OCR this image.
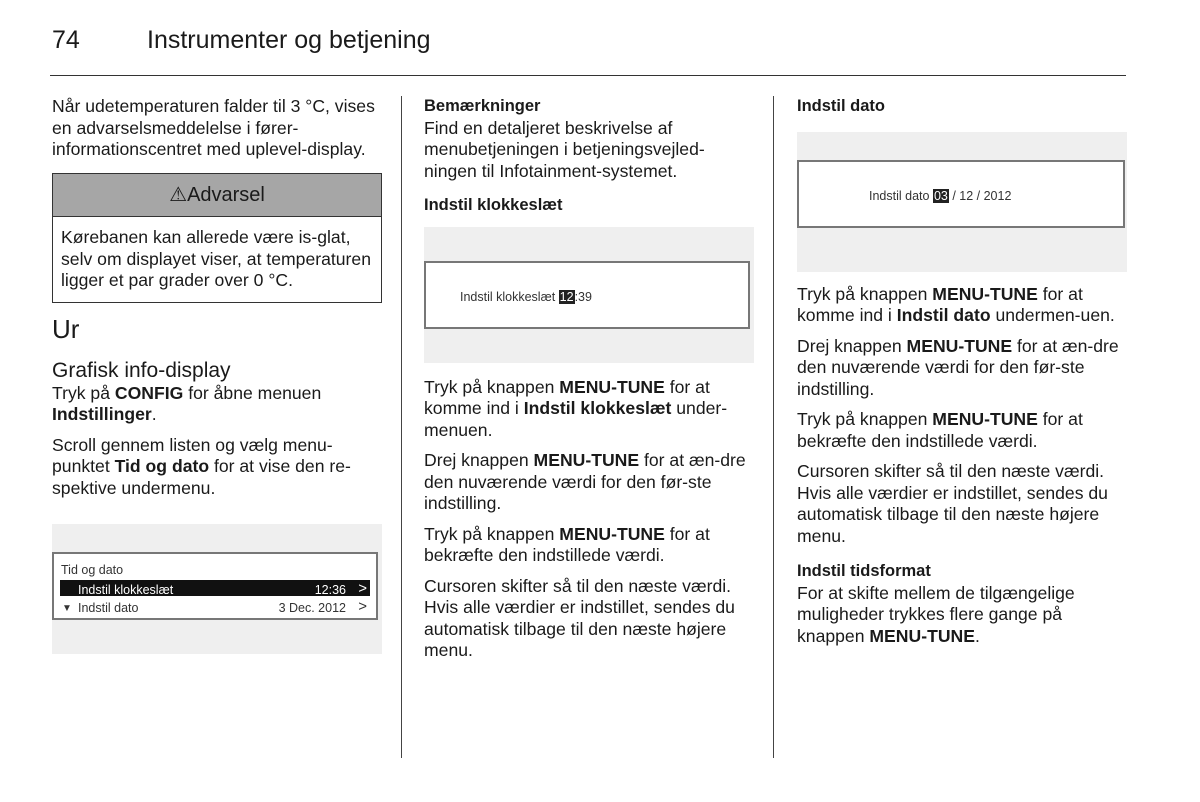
74	Instrumenter og betjening

Når udetemperaturen falder til 3 °C, vises en advarselsmeddelelse i fører-informationscentret med uplevel-display.

⚠Advarsel
Kørebanen kan allerede være is-glat, selv om displayet viser, at temperaturen ligger et par grader over 0 °C.
Ur
Grafisk info-display

Tryk på CONFIG for åbne menuen Indstillinger.

Scroll gennem listen og vælg menu-punktet Tid og dato for at vise den re-spektive undermenu.

Tid og dato
Indstil klokkeslæt	12:36 >
▼ Indstil dato	3 Dec. 2012 >
Bemærkninger

Find en detaljeret beskrivelse af menubetjeningen i betjeningsvejled-ningen til Infotainment-systemet.

Indstil klokkeslæt
Indstil klokkeslæt 12:39

Tryk på knappen MENU-TUNE for at komme ind i Indstil klokkeslæt under-menuen.

Drej knappen MENU-TUNE for at æn-dre den nuværende værdi for den før-ste indstilling.

Tryk på knappen MENU-TUNE for at bekræfte den indstillede værdi.

Cursoren skifter så til den næste værdi. Hvis alle værdier er indstillet, sendes du automatisk tilbage til den næste højere menu.

Indstil dato
Indstil dato 03 / 12 / 2012

Tryk på knappen MENU-TUNE for at komme ind i Indstil dato undermen-uen.

Drej knappen MENU-TUNE for at æn-dre den nuværende værdi for den før-ste indstilling.

Tryk på knappen MENU-TUNE for at bekræfte den indstillede værdi.

Cursoren skifter så til den næste værdi. Hvis alle værdier er indstillet, sendes du automatisk tilbage til den næste højere menu.

Indstil tidsformat

For at skifte mellem de tilgængelige muligheder trykkes flere gange på knappen MENU-TUNE.
